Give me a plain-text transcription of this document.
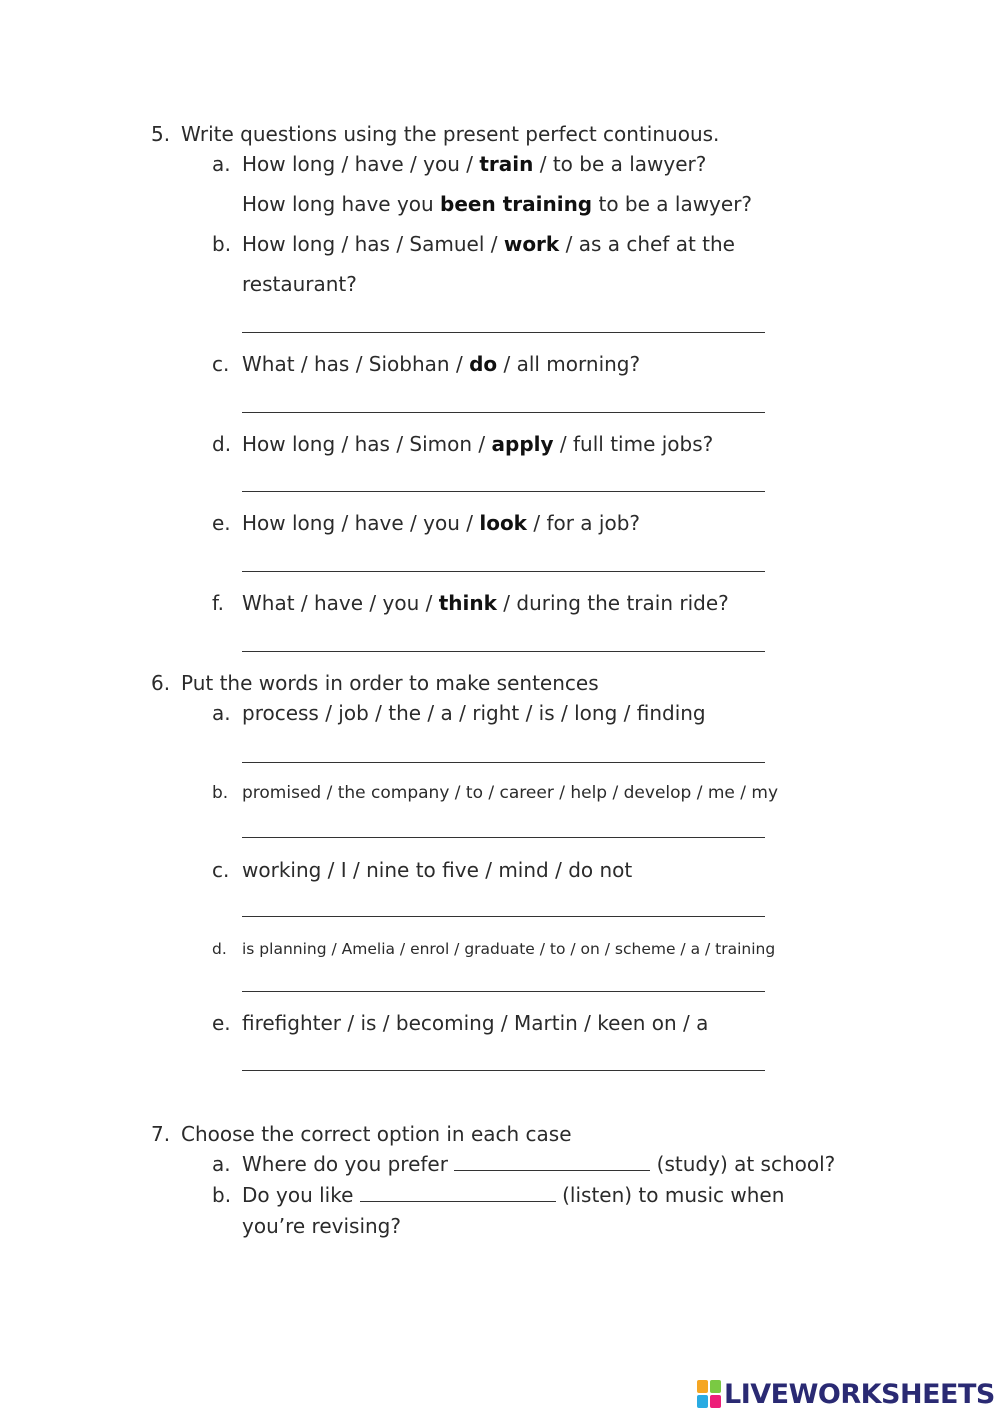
5. Write questions using the present perfect continuous.
a. How long / have / you / train / to be a lawyer?
How long have you been training to be a lawyer?
b. How long / has / Samuel / work / as a chef at the
restaurant?
c. What / has / Siobhan / do / all morning?
d. How long / has / Simon / apply / full time jobs?
e. How long / have / you / look / for a job?
f. What / have / you / think / during the train ride?
6. Put the words in order to make sentences
a. process / job / the / a / right / is / long / finding
b. promised / the company / to / career / help / develop / me / my
c. working / I / nine to five / mind / do not
d. is planning / Amelia / enrol / graduate / to / on / scheme / a / training
e. firefighter / is / becoming / Martin / keen on / a
7. Choose the correct option in each case
a. Where do you prefer	(study) at school?
b. Do you like	(listen) to music when
you’re revising?
LIVEWORKSHEETS
